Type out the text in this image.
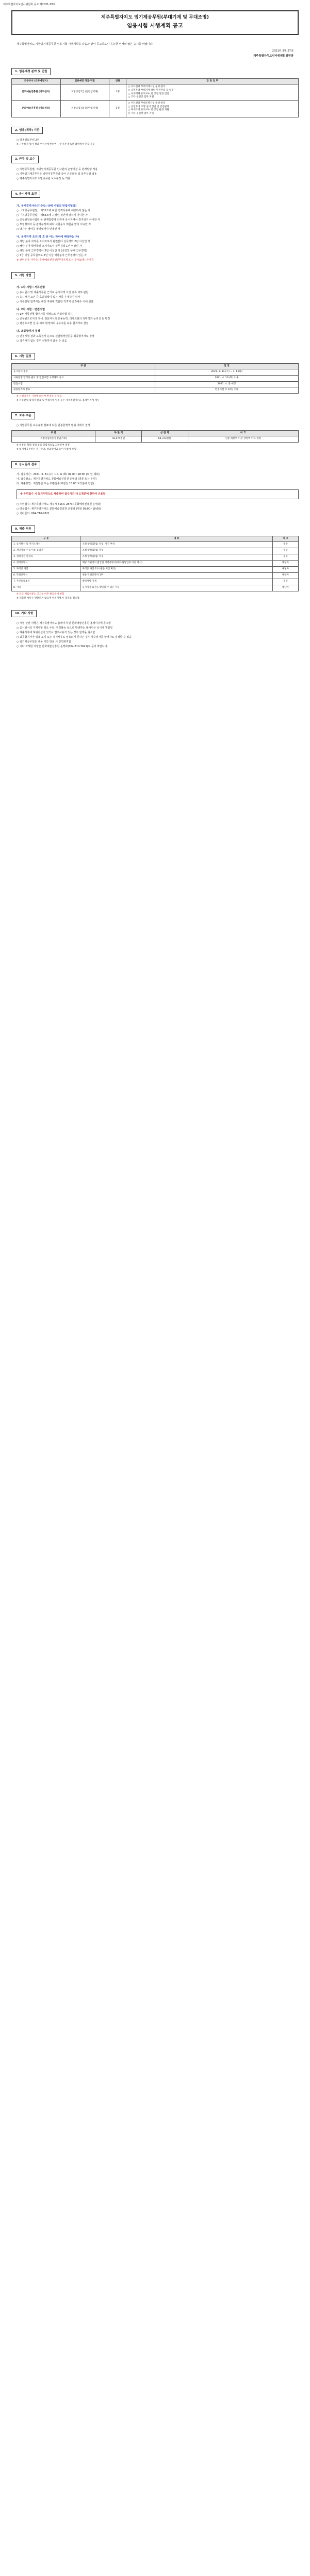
제주특별자치도인사위원회 공고 제2021-38호
제주특별자치도 임기제공무원(부대기계 및 무대조명)
임용시험 시행계획 공고
제주특별자치도 지방임기제공무원 임용시험 시행계획을 다음과 같이 공고하오니 유능한 인재의 많은 응시를 바랍니다.
2021년 3월 27일
제주특별자치도인사위원회위원장
1. 임용예정 분야 및 인원
근무부서 (근무예정지)	임용예정 직급·직렬	인원	담 당 업 무
문화예술진흥원 (아트센터)	지방공업7급 (일반임기제)	1명	○ 아트센터 부대기계시설 운영·관리
○ 공연무대 부대기계 설비 안전관리 등 업무
○ 부대기계 유지보수 및 공연 안전 점검
○ 기타 공연장 업무 지원

문화예술진흥원 (아트센터)	지방공업7급 (일반임기제)	1명	○ 아트센터 무대조명시설 운영·관리
○ 공연무대 조명 설비 점검 및 안전관리
○ 무대조명 유지보수 및 공연 운영 지원
○ 기타 공연장 업무 지원
2. 임용(계약) 기간

○ 임용일로부터 2년

※ 근무실적 평가 결과 우수자에 한하여 근무기간 총 5년 범위에서 연장 가능

3. 근무 및 보수

○ 지방공무원법, 지방임기제공무원 인사관리 운영지침 등 관계법령 적용

○ 지방임기제공무원은 일반직공무원과 같이 신분보장 및 복무규정 적용

○ 제주특별자치도 지방공무원 보수규정 등 적용

4. 응시자격 요건
가. 응시결격사유(기준일: 당해 시험의 면접시험일)

○ 「지방공무원법」 제31조에 따른 결격사유에 해당하지 않는 자

○ 「지방공무원법」 제66조에 규정된 정년에 달하지 아니한 자

○ 공무원임용시험령 등 관계법령에 의하여 응시자격이 정지되지 아니한 자

○ 부정행위자 등 관계규정에 따라 시험응시 제한을 받지 아니한 자

○ 남자는 병역을 필하였거나 면제된 자

나. 응시자격 요건(각 호 중 어느 하나에 해당하는 자)

○ 해당 분야 자격증 소지자로서 관련분야 실무경력 2년 이상인 자

○ 해당 분야 학사학위 소지자로서 실무경력 1년 이상인 자

○ 해당 분야 근무경력이 3년 이상인 자 (공연장 무대 근무경력)

○ 7급 이상 공무원으로 2년 이상 해당분야 근무경력이 있는 자

※ 관련분야 자격증: 무대예술전문인(무대기계 또는 무대조명) 자격증

5. 시험 방법
가. 1차 시험 : 서류전형

○ 응시원서 및 제출서류를 근거로 응시자격 요건 충족 여부 판단

○ 응시자격 요건 중 초과경력이 있는 자를 우대하여 평가

○ 서류전형 합격자는 해당 직위에 적합한 적격자 중 5배수 이내 선발

나. 2차 시험 : 면접시험

○ 1차 서류전형 합격자를 대상으로 면접시험 실시

○ 공무원으로서의 자세, 전문지식과 응용능력, 의사표현의 정확성과 논리성 등 평정

○ 평정요소별 상·중·하로 평정하며 우수자를 최종 합격자로 결정

다. 최종합격자 결정

○ 면접시험 결과 고득점자 순으로 선발예정인원을 최종합격자로 결정

○ 적격자가 없는 경우 선발하지 않을 수 있음

6. 시험 일정
구 분	일 정
응시원서 접수	2021. 3. 31.(수) ~ 4. 6.(화)
서류전형 합격자 발표 및 면접시험 시행계획 공고	2021. 4. 13.(화) 이후
면접시험	2021. 4. 중 예정
최종합격자 발표	면접시험 후 10일 이내

※ 시험일정은 사정에 의하여 변경될 수 있음

※ 서류전형 합격자 발표 및 면접시험 일정 등은 제주특별자치도 홈페이지에 게시

7. 보수 수준
○ 지방공무원 보수규정 별표에 따른 연봉한계액 범위 내에서 결정
구 분	하 한 액	상 한 액	비 고
지방공업7급(일반임기제)	42,974천원	64,374천원	연봉 하한액 이상 상한액 이하 결정

※ 연봉은 학력·경력 등을 종합적으로 고려하여 결정

※ 임기제공무원은 정근수당, 성과상여금 등이 연봉에 포함

8. 응시원서 접수

가. 접수기간 : 2021. 3. 31.(수) ~ 4. 6.(화) 09:00~18:00 (토·일 제외)

나. 접수장소 : 제주특별자치도 문화예술진흥원 운영과 (방문 또는 우편)

다. 제출방법 : 직접방문 또는 우편접수(마감일 18:00 도착분에 한함)

※ 우편접수 시 등기우편으로 제출하며 접수기간 내 도착분에 한하여 유효함

○ 우편접수: 제주특별자치도 제주시 516로 2873 (문화예술진흥원 운영과)

○ 방문접수: 제주특별자치도 문화예술진흥원 운영과 (평일 09:00~18:00)

○ 기타문의: 064-710-7621

9. 제출 서류
구 분	내 용	비 고
1. 응시원서 및 자기소개서	소정 양식(붙임) 작성, 사진 부착	필수
2. 개인정보 수집·이용 동의서	소정 양식(붙임) 작성	필수
3. 경력기간 산정표	소정 양식(붙임) 작성	필수
4. 경력증명서	해당 기관장이 발급한 경력증명서(직위·담당업무·기간 명시)	해당자
5. 자격증 사본	자격증 사본 1부 (원본 지참 확인)	해당자
6. 학위증명서	최종 학위증명서 1부	해당자
7. 주민등록초본	병역사항 기재	필수
8. 기타	응시자격 요건을 확인할 수 있는 서류	해당자

※ 모든 제출서류는 공고일 이후 발급분에 한함

※ 제출된 서류는 반환하지 않으며 허위기재 시 합격을 취소함

10. 기타 사항

○ 시험 관련 사항은 제주특별자치도 홈페이지 및 문화예술진흥원 홈페이지에 공고함

○ 응시원서의 기재사항 착오·누락, 연락불능 등으로 발생하는 불이익은 응시자 책임임

○ 제출서류에 허위사실이 있거나 결격사유가 있는 경우 합격을 취소함

○ 최종합격자가 임용 포기 또는 결격사유로 임용되지 못하는 경우 차순위자를 합격자로 결정할 수 있음

○ 임기제공무원은 채용 기간 만료 시 당연퇴직함

○ 기타 자세한 사항은 문화예술진흥원 운영과(064-710-7621)로 문의 바랍니다.
